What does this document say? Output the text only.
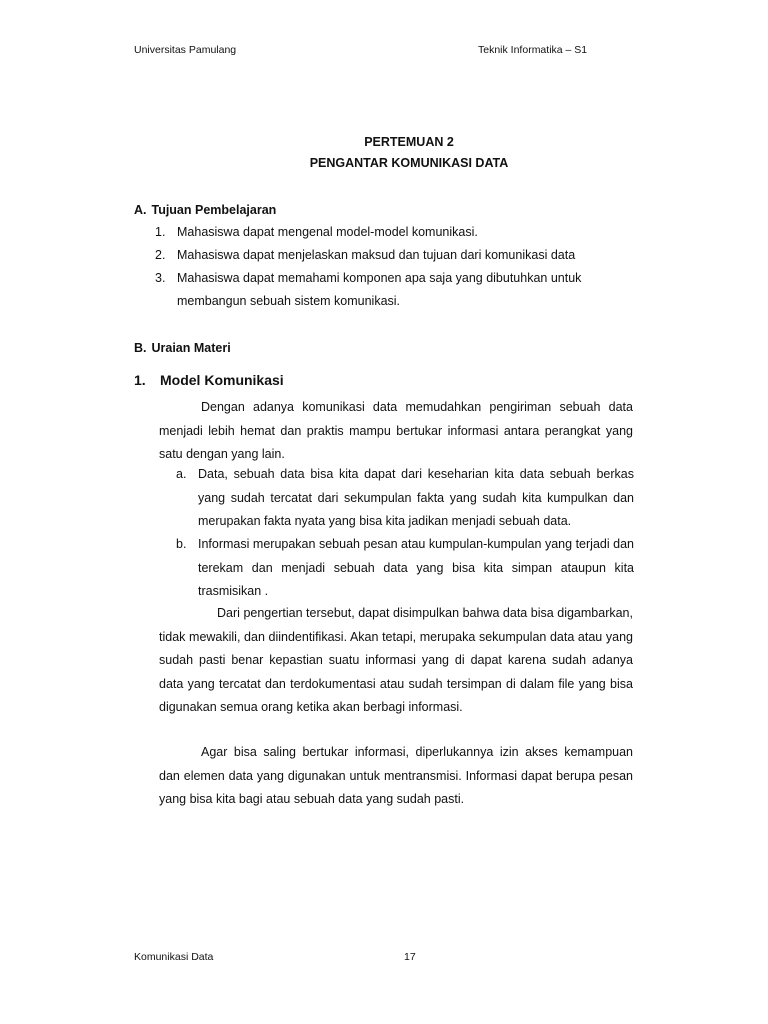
Universitas Pamulang	Teknik Informatika – S1
PERTEMUAN 2
PENGANTAR KOMUNIKASI DATA
A. Tujuan Pembelajaran
1. Mahasiswa dapat mengenal model-model komunikasi.
2. Mahasiswa dapat menjelaskan maksud dan tujuan dari komunikasi data
3. Mahasiswa dapat memahami komponen apa saja yang dibutuhkan untuk
membangun sebuah sistem komunikasi.
B. Uraian Materi
1. Model Komunikasi
Dengan adanya komunikasi data memudahkan pengiriman sebuah data menjadi lebih hemat dan praktis mampu bertukar informasi antara perangkat yang satu dengan yang lain.
a. Data, sebuah data bisa kita dapat dari keseharian kita data sebuah berkas yang sudah tercatat dari sekumpulan fakta yang sudah kita kumpulkan dan merupakan fakta nyata yang bisa kita jadikan menjadi sebuah data.
b. Informasi merupakan sebuah pesan atau kumpulan-kumpulan yang terjadi dan terekam dan menjadi sebuah data yang bisa kita simpan ataupun kita trasmisikan .
Dari pengertian tersebut, dapat disimpulkan bahwa data bisa digambarkan, tidak mewakili, dan diindentifikasi. Akan tetapi, merupaka sekumpulan data atau yang sudah pasti benar kepastian suatu informasi yang di dapat karena sudah adanya data yang tercatat dan terdokumentasi atau sudah tersimpan di dalam file yang bisa digunakan semua orang ketika akan berbagi informasi.
Agar bisa saling bertukar informasi, diperlukannya izin akses kemampuan dan elemen data yang digunakan untuk mentransmisi. Informasi dapat berupa pesan yang bisa kita bagi atau sebuah data yang sudah pasti.
Komunikasi Data	17
